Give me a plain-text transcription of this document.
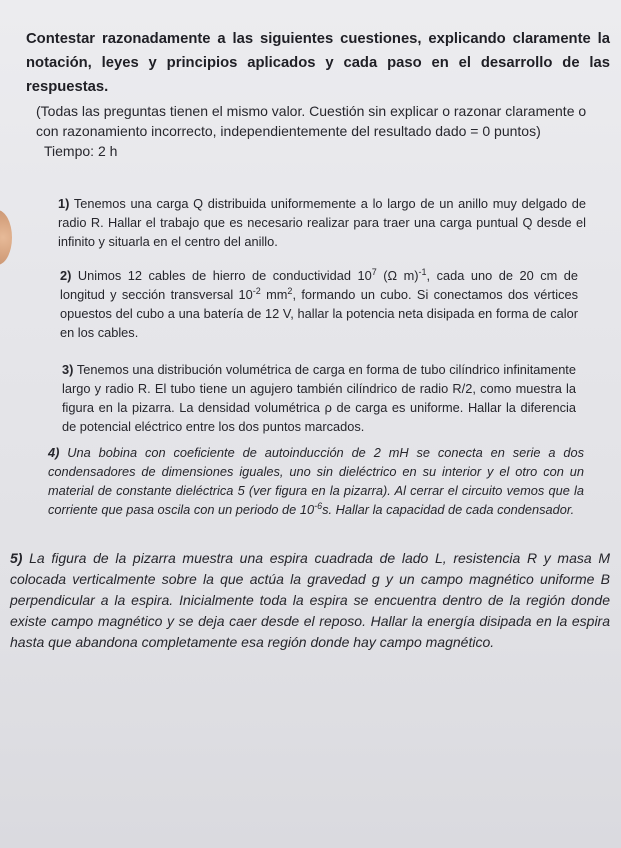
Contestar razonadamente a las siguientes cuestiones, explicando claramente la notación, leyes y principios aplicados y cada paso en el desarrollo de las respuestas.
(Todas las preguntas tienen el mismo valor. Cuestión sin explicar o razonar claramente o con razonamiento incorrecto, independientemente del resultado dado = 0 puntos)
Tiempo: 2 h
1) Tenemos una carga Q distribuida uniformemente a lo largo de un anillo muy delgado de radio R. Hallar el trabajo que es necesario realizar para traer una carga puntual Q desde el infinito y situarla en el centro del anillo.
2) Unimos 12 cables de hierro de conductividad $10^7$ (Ω m)$^{-1}$, cada uno de 20 cm de longitud y sección transversal $10^{-2}$ $mm^2$, formando un cubo. Si conectamos dos vértices opuestos del cubo a una batería de 12 V, hallar la potencia neta disipada en forma de calor en los cables.
3) Tenemos una distribución volumétrica de carga en forma de tubo cilíndrico infinitamente largo y radio R. El tubo tiene un agujero también cilíndrico de radio R/2, como muestra la figura en la pizarra. La densidad volumétrica ρ de carga es uniforme. Hallar la diferencia de potencial eléctrico entre los dos puntos marcados.
4) Una bobina con coeficiente de autoinducción de 2 mH se conecta en serie a dos condensadores de dimensiones iguales, uno sin dieléctrico en su interior y el otro con un material de constante dieléctrica 5 (ver figura en la pizarra). Al cerrar el circuito vemos que la corriente que pasa oscila con un periodo de $10^{-6}s$. Hallar la capacidad de cada condensador.
5) La figura de la pizarra muestra una espira cuadrada de lado L, resistencia R y masa M colocada verticalmente sobre la que actúa la gravedad g y un campo magnético uniforme B perpendicular a la espira. Inicialmente toda la espira se encuentra dentro de la región donde existe campo magnético y se deja caer desde el reposo. Hallar la energía disipada en la espira hasta que abandona completamente esa región donde hay campo magnético.
